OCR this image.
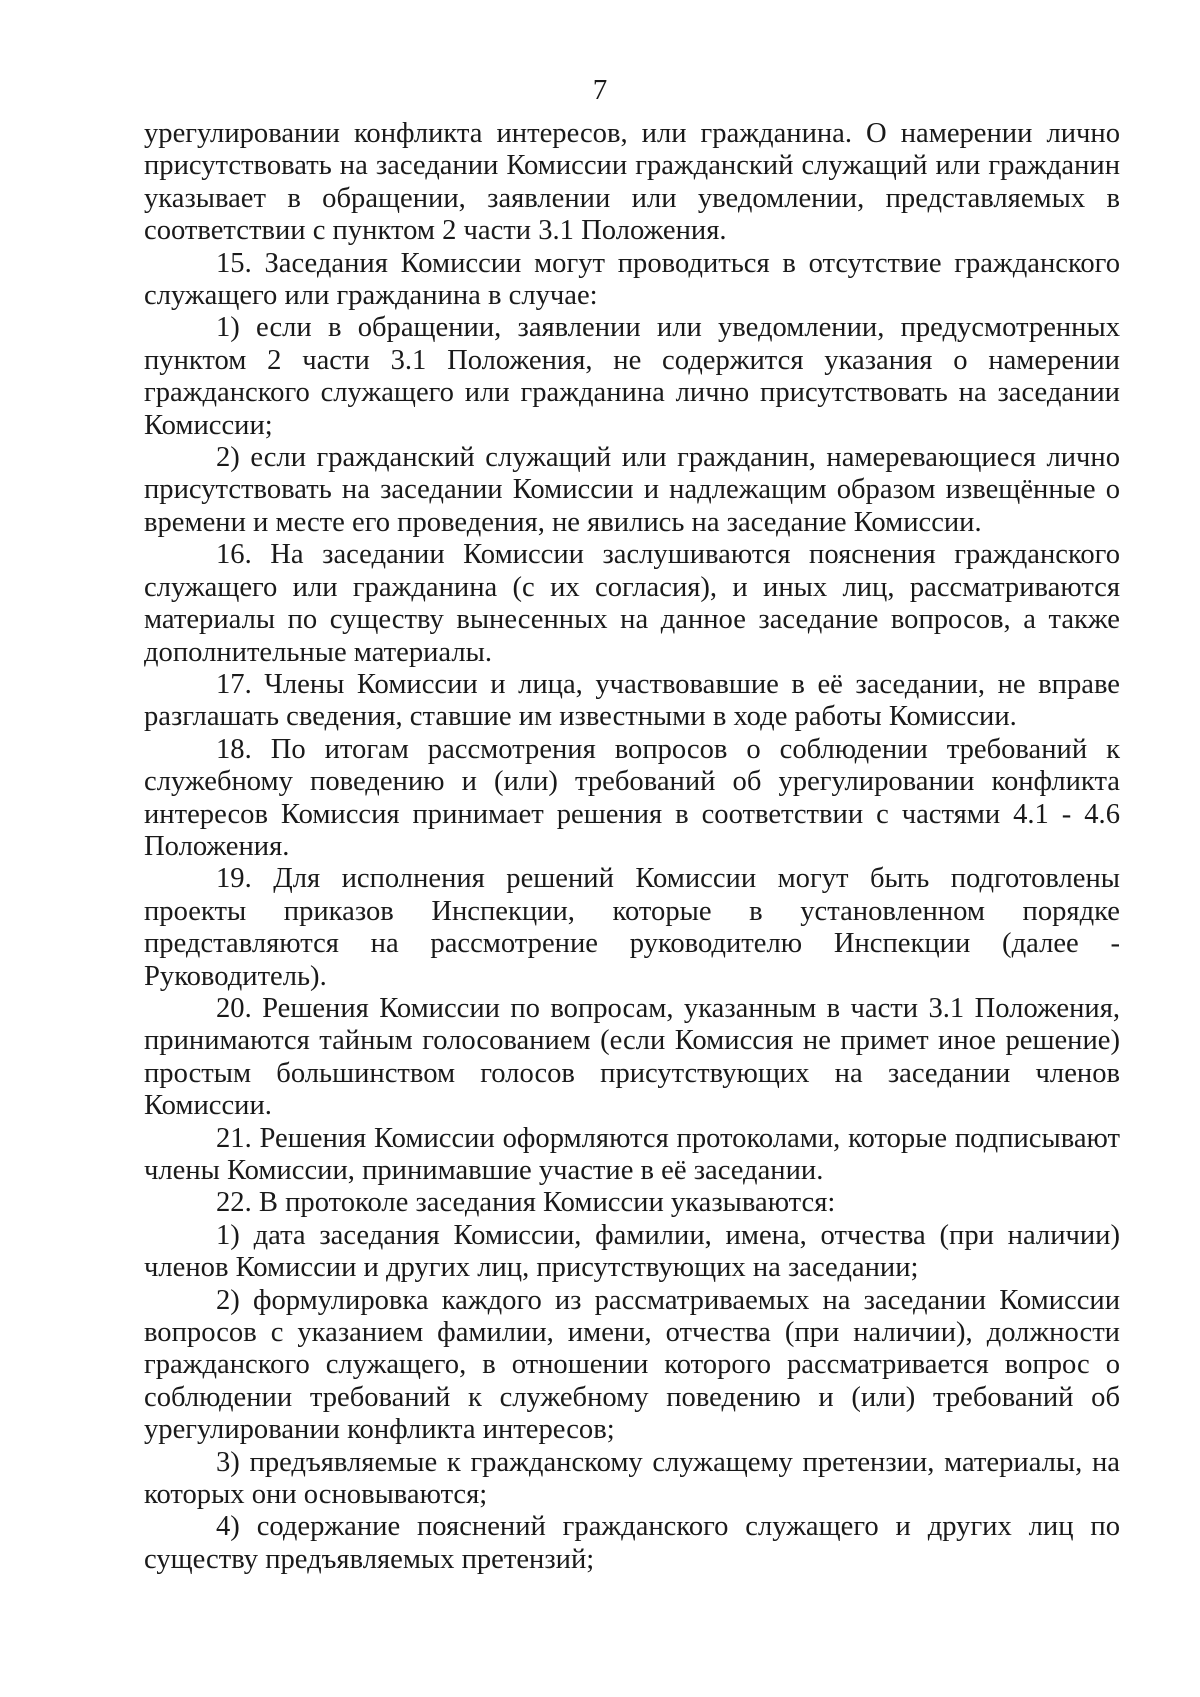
7

урегулировании конфликта интересов, или гражданина. О намерении лично присутствовать на заседании Комиссии гражданский служащий или гражданин указывает в обращении, заявлении или уведомлении, представляемых в соответствии с пунктом 2 части 3.1 Положения.

15. Заседания Комиссии могут проводиться в отсутствие гражданского служащего или гражданина в случае:

1) если в обращении, заявлении или уведомлении, предусмотренных пунктом 2 части 3.1 Положения, не содержится указания о намерении гражданского служащего или гражданина лично присутствовать на заседании Комиссии;

2) если гражданский служащий или гражданин, намеревающиеся лично присутствовать на заседании Комиссии и надлежащим образом извещённые о времени и месте его проведения, не явились на заседание Комиссии.

16. На заседании Комиссии заслушиваются пояснения гражданского служащего или гражданина (с их согласия), и иных лиц, рассматриваются материалы по существу вынесенных на данное заседание вопросов, а также дополнительные материалы.

17. Члены Комиссии и лица, участвовавшие в её заседании, не вправе разглашать сведения, ставшие им известными в ходе работы Комиссии.

18. По итогам рассмотрения вопросов о соблюдении требований к служебному поведению и (или) требований об урегулировании конфликта интересов Комиссия принимает решения в соответствии с частями 4.1 - 4.6 Положения.

19. Для исполнения решений Комиссии могут быть подготовлены проекты приказов Инспекции, которые в установленном порядке представляются на рассмотрение руководителю Инспекции (далее - Руководитель).

20. Решения Комиссии по вопросам, указанным в части 3.1 Положения, принимаются тайным голосованием (если Комиссия не примет иное решение) простым большинством голосов присутствующих на заседании членов Комиссии.

21. Решения Комиссии оформляются протоколами, которые подписывают члены Комиссии, принимавшие участие в её заседании.

22. В протоколе заседания Комиссии указываются:

1) дата заседания Комиссии, фамилии, имена, отчества (при наличии) членов Комиссии и других лиц, присутствующих на заседании;

2) формулировка каждого из рассматриваемых на заседании Комиссии вопросов с указанием фамилии, имени, отчества (при наличии), должности гражданского служащего, в отношении которого рассматривается вопрос о соблюдении требований к служебному поведению и (или) требований об урегулировании конфликта интересов;

3) предъявляемые к гражданскому служащему претензии, материалы, на которых они основываются;

4) содержание пояснений гражданского служащего и других лиц по существу предъявляемых претензий;
